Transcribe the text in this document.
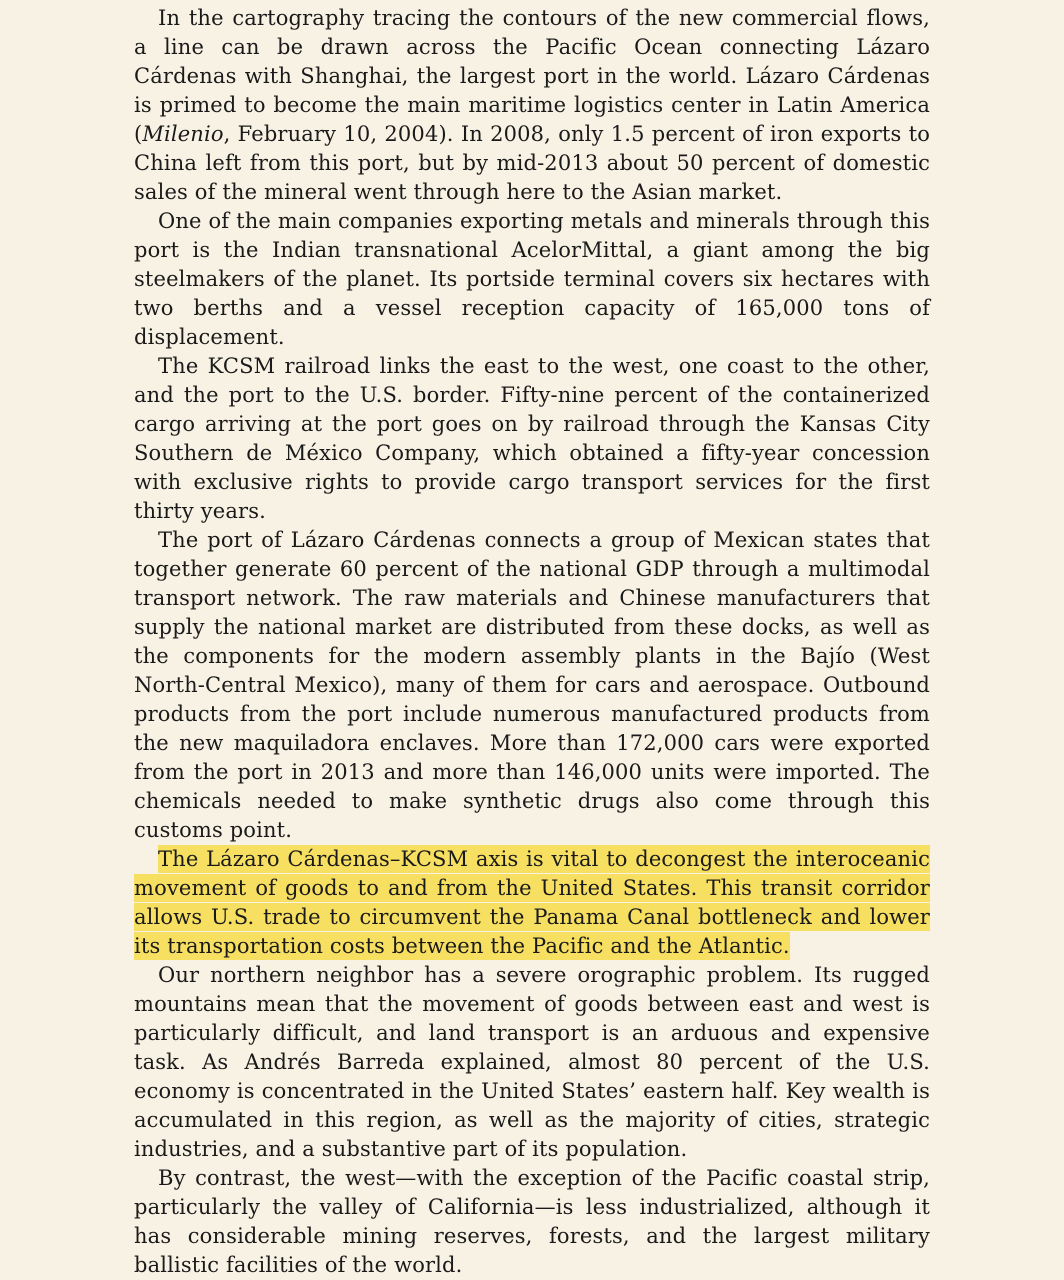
In the cartography tracing the contours of the new commercial flows, a line can be drawn across the Pacific Ocean connecting Lázaro Cárdenas with Shanghai, the largest port in the world. Lázaro Cárdenas is primed to become the main maritime logistics center in Latin America (Milenio, February 10, 2004). In 2008, only 1.5 percent of iron exports to China left from this port, but by mid-2013 about 50 percent of domestic sales of the mineral went through here to the Asian market.

One of the main companies exporting metals and minerals through this port is the Indian transnational AcelorMittal, a giant among the big steelmakers of the planet. Its portside terminal covers six hectares with two berths and a vessel reception capacity of 165,000 tons of displacement.

The KCSM railroad links the east to the west, one coast to the other, and the port to the U.S. border. Fifty-nine percent of the containerized cargo arriving at the port goes on by railroad through the Kansas City Southern de México Company, which obtained a fifty-year concession with exclusive rights to provide cargo transport services for the first thirty years.

The port of Lázaro Cárdenas connects a group of Mexican states that together generate 60 percent of the national GDP through a multimodal transport network. The raw materials and Chinese manufacturers that supply the national market are distributed from these docks, as well as the components for the modern assembly plants in the Bajío (West North-Central Mexico), many of them for cars and aerospace. Outbound products from the port include numerous manufactured products from the new maquiladora enclaves. More than 172,000 cars were exported from the port in 2013 and more than 146,000 units were imported. The chemicals needed to make synthetic drugs also come through this customs point.

The Lázaro Cárdenas–KCSM axis is vital to decongest the interoceanic movement of goods to and from the United States. This transit corridor allows U.S. trade to circumvent the Panama Canal bottleneck and lower its transportation costs between the Pacific and the Atlantic.

Our northern neighbor has a severe orographic problem. Its rugged mountains mean that the movement of goods between east and west is particularly difficult, and land transport is an arduous and expensive task. As Andrés Barreda explained, almost 80 percent of the U.S. economy is concentrated in the United States’ eastern half. Key wealth is accumulated in this region, as well as the majority of cities, strategic industries, and a substantive part of its population.

By contrast, the west—with the exception of the Pacific coastal strip, particularly the valley of California—is less industrialized, although it has considerable mining reserves, forests, and the largest military ballistic facilities of the world.
